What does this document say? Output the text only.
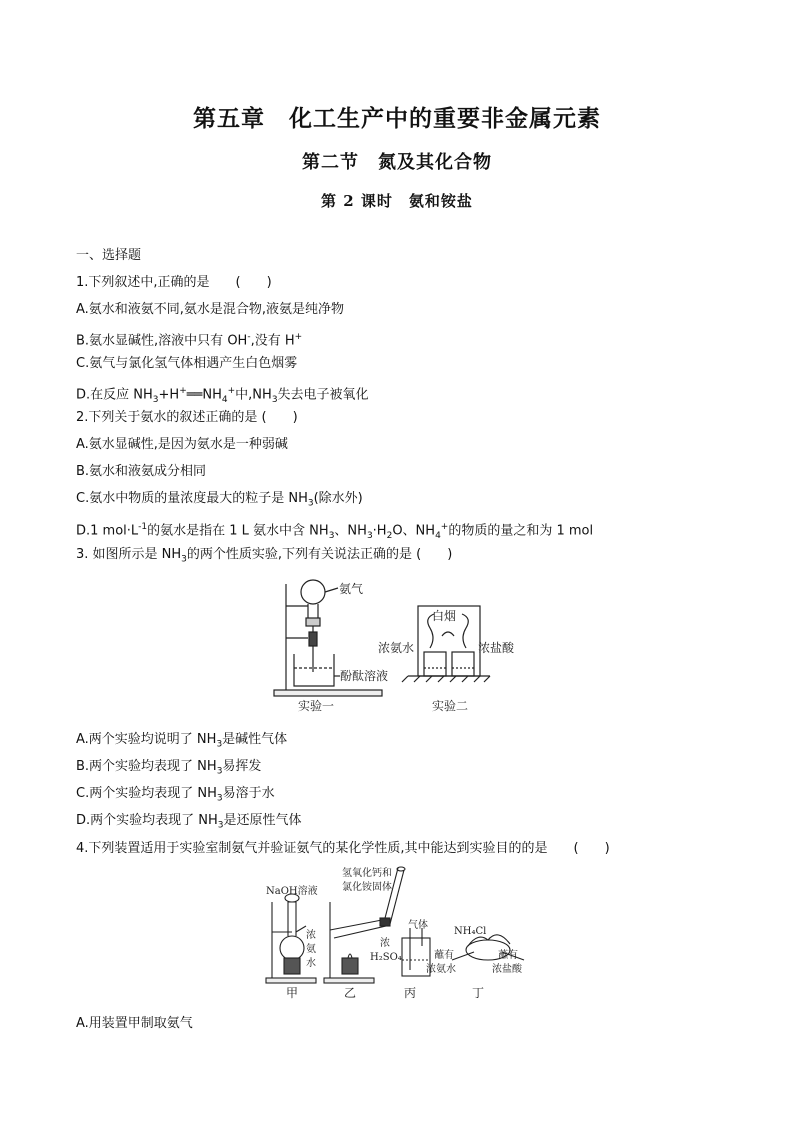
第五章　化工生产中的重要非金属元素
第二节　氮及其化合物
第 2 课时　氨和铵盐
一、选择题
1.下列叙述中,正确的是　　(　　)
A.氨水和液氨不同,氨水是混合物,液氨是纯净物
B.氨水显碱性,溶液中只有 OH-,没有 H+
C.氨气与氯化氢气体相遇产生白色烟雾
D.在反应 $NH_3+H^+══NH_4^+$中$,NH_3$失去电子被氧化
2.下列关于氨水的叙述正确的是 (　　)
A.氨水显碱性,是因为氨水是一种弱碱
B.氨水和液氨成分相同
C.氨水中物质的量浓度最大的粒子是 $NH_3$(除水外)
D.1 $mol\cdot L^{-1}$的氨水是指在 1 L 氨水中含 $NH_3$、$NH_3\cdot H_2O$、$NH_4^+$的物质的量之和为 1 mol
3. 如图所示是 $NH_3$的两个性质实验,下列有关说法正确的是 (　　)
氨气
酚酞溶液
实验一
白烟
浓氨水	浓盐酸
实验二
A.两个实验均说明了 $NH_3$是碱性气体
B.两个实验均表现了 $NH_3$易挥发
C.两个实验均表现了 $NH_3$易溶于水
D.两个实验均表现了 $NH_3$是还原性气体
4.下列装置适用于实验室制氨气并验证氨气的某化学性质,其中能达到实验目的的是　　(　　)
NaOH溶液
浓
氨
水
氢氧化钙和
氯化铵固体
气体
浓
H₂SO₄
NH₄Cl
蘸有
浓氨水
蘸有
浓盐酸
甲	乙	丙	丁
A.用装置甲制取氨气
